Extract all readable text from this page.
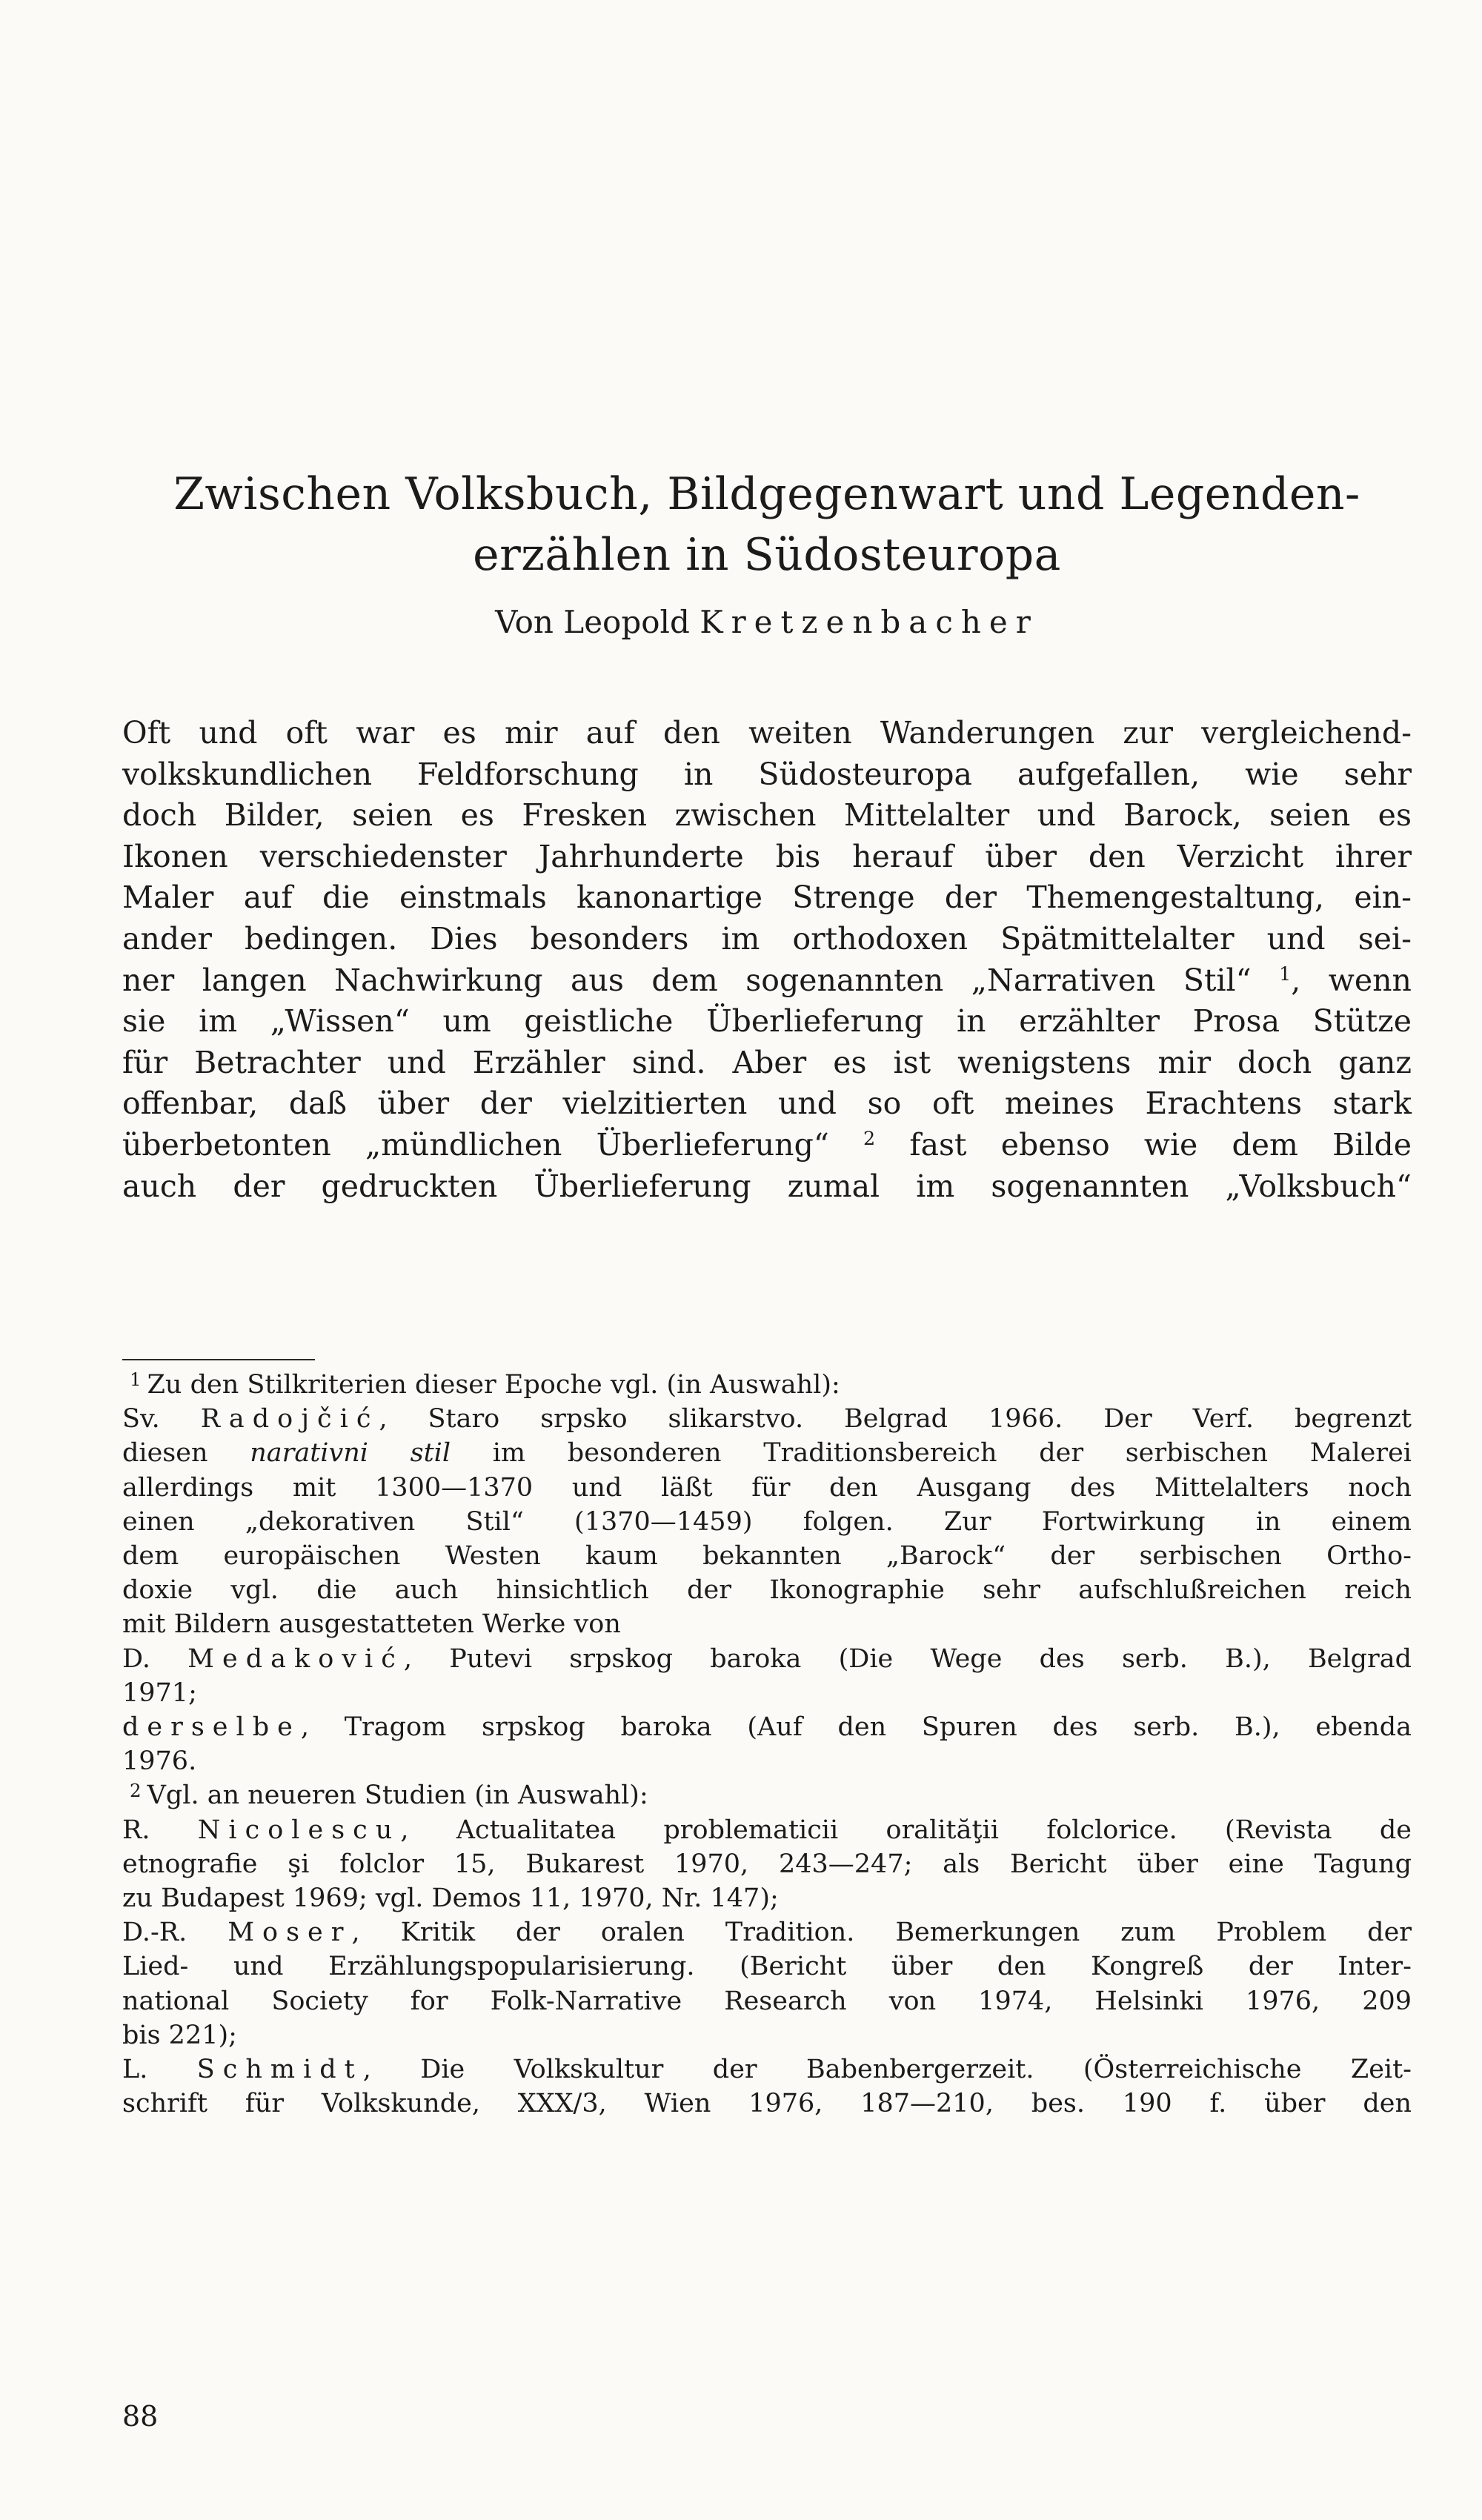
Zwischen Volksbuch, Bildgegenwart und Legenden-
erzählen in Südosteuropa
Von Leopold Kretzenbacher
Oft und oft war es mir auf den weiten Wanderungen zur vergleichend-
volkskundlichen Feldforschung in Südosteuropa aufgefallen, wie sehr
doch Bilder, seien es Fresken zwischen Mittelalter und Barock, seien es
Ikonen verschiedenster Jahrhunderte bis herauf über den Verzicht ihrer
Maler auf die einstmals kanonartige Strenge der Themengestaltung, ein-
ander bedingen. Dies besonders im orthodoxen Spätmittelalter und sei-
ner langen Nachwirkung aus dem sogenannten „Narrativen Stil“ $^1$, wenn
sie im „Wissen“ um geistliche Überlieferung in erzählter Prosa Stütze
für Betrachter und Erzähler sind. Aber es ist wenigstens mir doch ganz
offenbar, daß über der vielzitierten und so oft meines Erachtens stark
überbetonten „mündlichen Überlieferung“ $^2$ fast ebenso wie dem Bilde
auch der gedruckten Überlieferung zumal im sogenannten „Volksbuch“
$^1$ Zu den Stilkriterien dieser Epoche vgl. (in Auswahl):
Sv. Radojčić, Staro srpsko slikarstvo. Belgrad 1966. Der Verf. begrenzt
diesen narativni stil im besonderen Traditionsbereich der serbischen Malerei
allerdings mit 1300—1370 und läßt für den Ausgang des Mittelalters noch
einen „dekorativen Stil“ (1370—1459) folgen. Zur Fortwirkung in einem
dem europäischen Westen kaum bekannten „Barock“ der serbischen Ortho-
doxie vgl. die auch hinsichtlich der Ikonographie sehr aufschlußreichen reich
mit Bildern ausgestatteten Werke von
D. Medaković, Putevi srpskog baroka (Die Wege des serb. B.), Belgrad
1971;
derselbe, Tragom srpskog baroka (Auf den Spuren des serb. B.), ebenda
1976.
$^2$ Vgl. an neueren Studien (in Auswahl):
R. Nicolescu, Actualitatea problematicii oralităţii folclorice. (Revista de
etnografie şi folclor 15, Bukarest 1970, 243—247; als Bericht über eine Tagung
zu Budapest 1969; vgl. Demos 11, 1970, Nr. 147);
D.-R. Moser, Kritik der oralen Tradition. Bemerkungen zum Problem der
Lied- und Erzählungspopularisierung. (Bericht über den Kongreß der Inter-
national Society for Folk-Narrative Research von 1974, Helsinki 1976, 209
bis 221);
L. Schmidt, Die Volkskultur der Babenbergerzeit. (Österreichische Zeit-
schrift für Volkskunde, XXX/3, Wien 1976, 187—210, bes. 190 f. über den
88
